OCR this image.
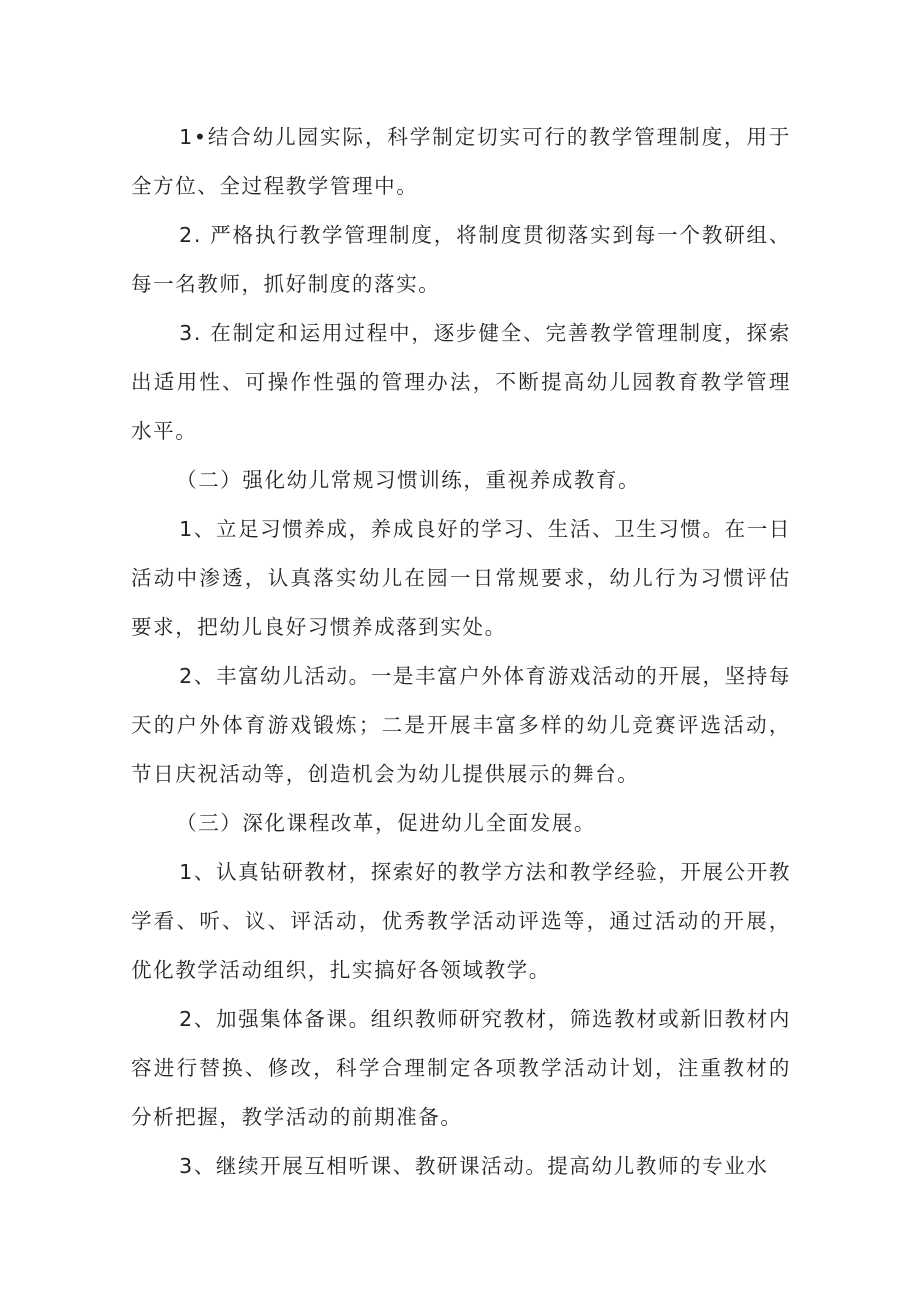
1•结合幼儿园实际，科学制定切实可行的教学管理制度，用于全方位、全过程教学管理中。

2. 严格执行教学管理制度，将制度贯彻落实到每一个教研组、每一名教师，抓好制度的落实。

3. 在制定和运用过程中，逐步健全、完善教学管理制度，探索出适用性、可操作性强的管理办法，不断提高幼儿园教育教学管理水平。

（二）强化幼儿常规习惯训练，重视养成教育。

1、立足习惯养成，养成良好的学习、生活、卫生习惯。在一日活动中渗透，认真落实幼儿在园一日常规要求，幼儿行为习惯评估要求，把幼儿良好习惯养成落到实处。

2、丰富幼儿活动。一是丰富户外体育游戏活动的开展，坚持每天的户外体育游戏锻炼；二是开展丰富多样的幼儿竞赛评选活动，节日庆祝活动等，创造机会为幼儿提供展示的舞台。

（三）深化课程改革，促进幼儿全面发展。

1、认真钻研教材，探索好的教学方法和教学经验，开展公开教学看、听、议、评活动，优秀教学活动评选等，通过活动的开展，优化教学活动组织，扎实搞好各领域教学。

2、加强集体备课。组织教师研究教材，筛选教材或新旧教材内容进行替换、修改，科学合理制定各项教学活动计划，注重教材的分析把握，教学活动的前期准备。

3、继续开展互相听课、教研课活动。提高幼儿教师的专业水
